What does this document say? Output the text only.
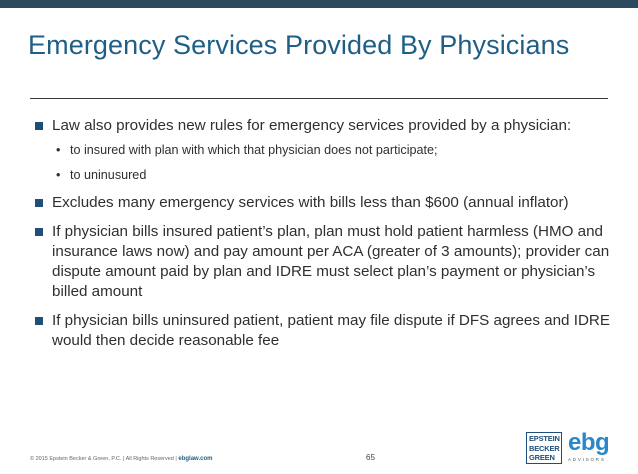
Emergency Services Provided By Physicians
Law also provides new rules for emergency services provided by a physician:
• to insured with plan with which that physician does not participate;
• to uninusured
Excludes many emergency services with bills less than $600 (annual inflator)
If physician bills insured patient’s plan, plan must hold patient harmless (HMO and insurance laws now) and pay amount per ACA (greater of 3 amounts); provider can dispute amount paid by plan and IDRE must select plan’s payment or physician’s billed amount
If physician bills uninsured patient, patient may file dispute if DFS agrees and IDRE would then decide reasonable fee
© 2015 Epstein Becker & Green, P.C. | All Rights Reserved | ebglaw.com	65
EPSTEIN
BECKER
GREEN
ebg
ADVISORS
